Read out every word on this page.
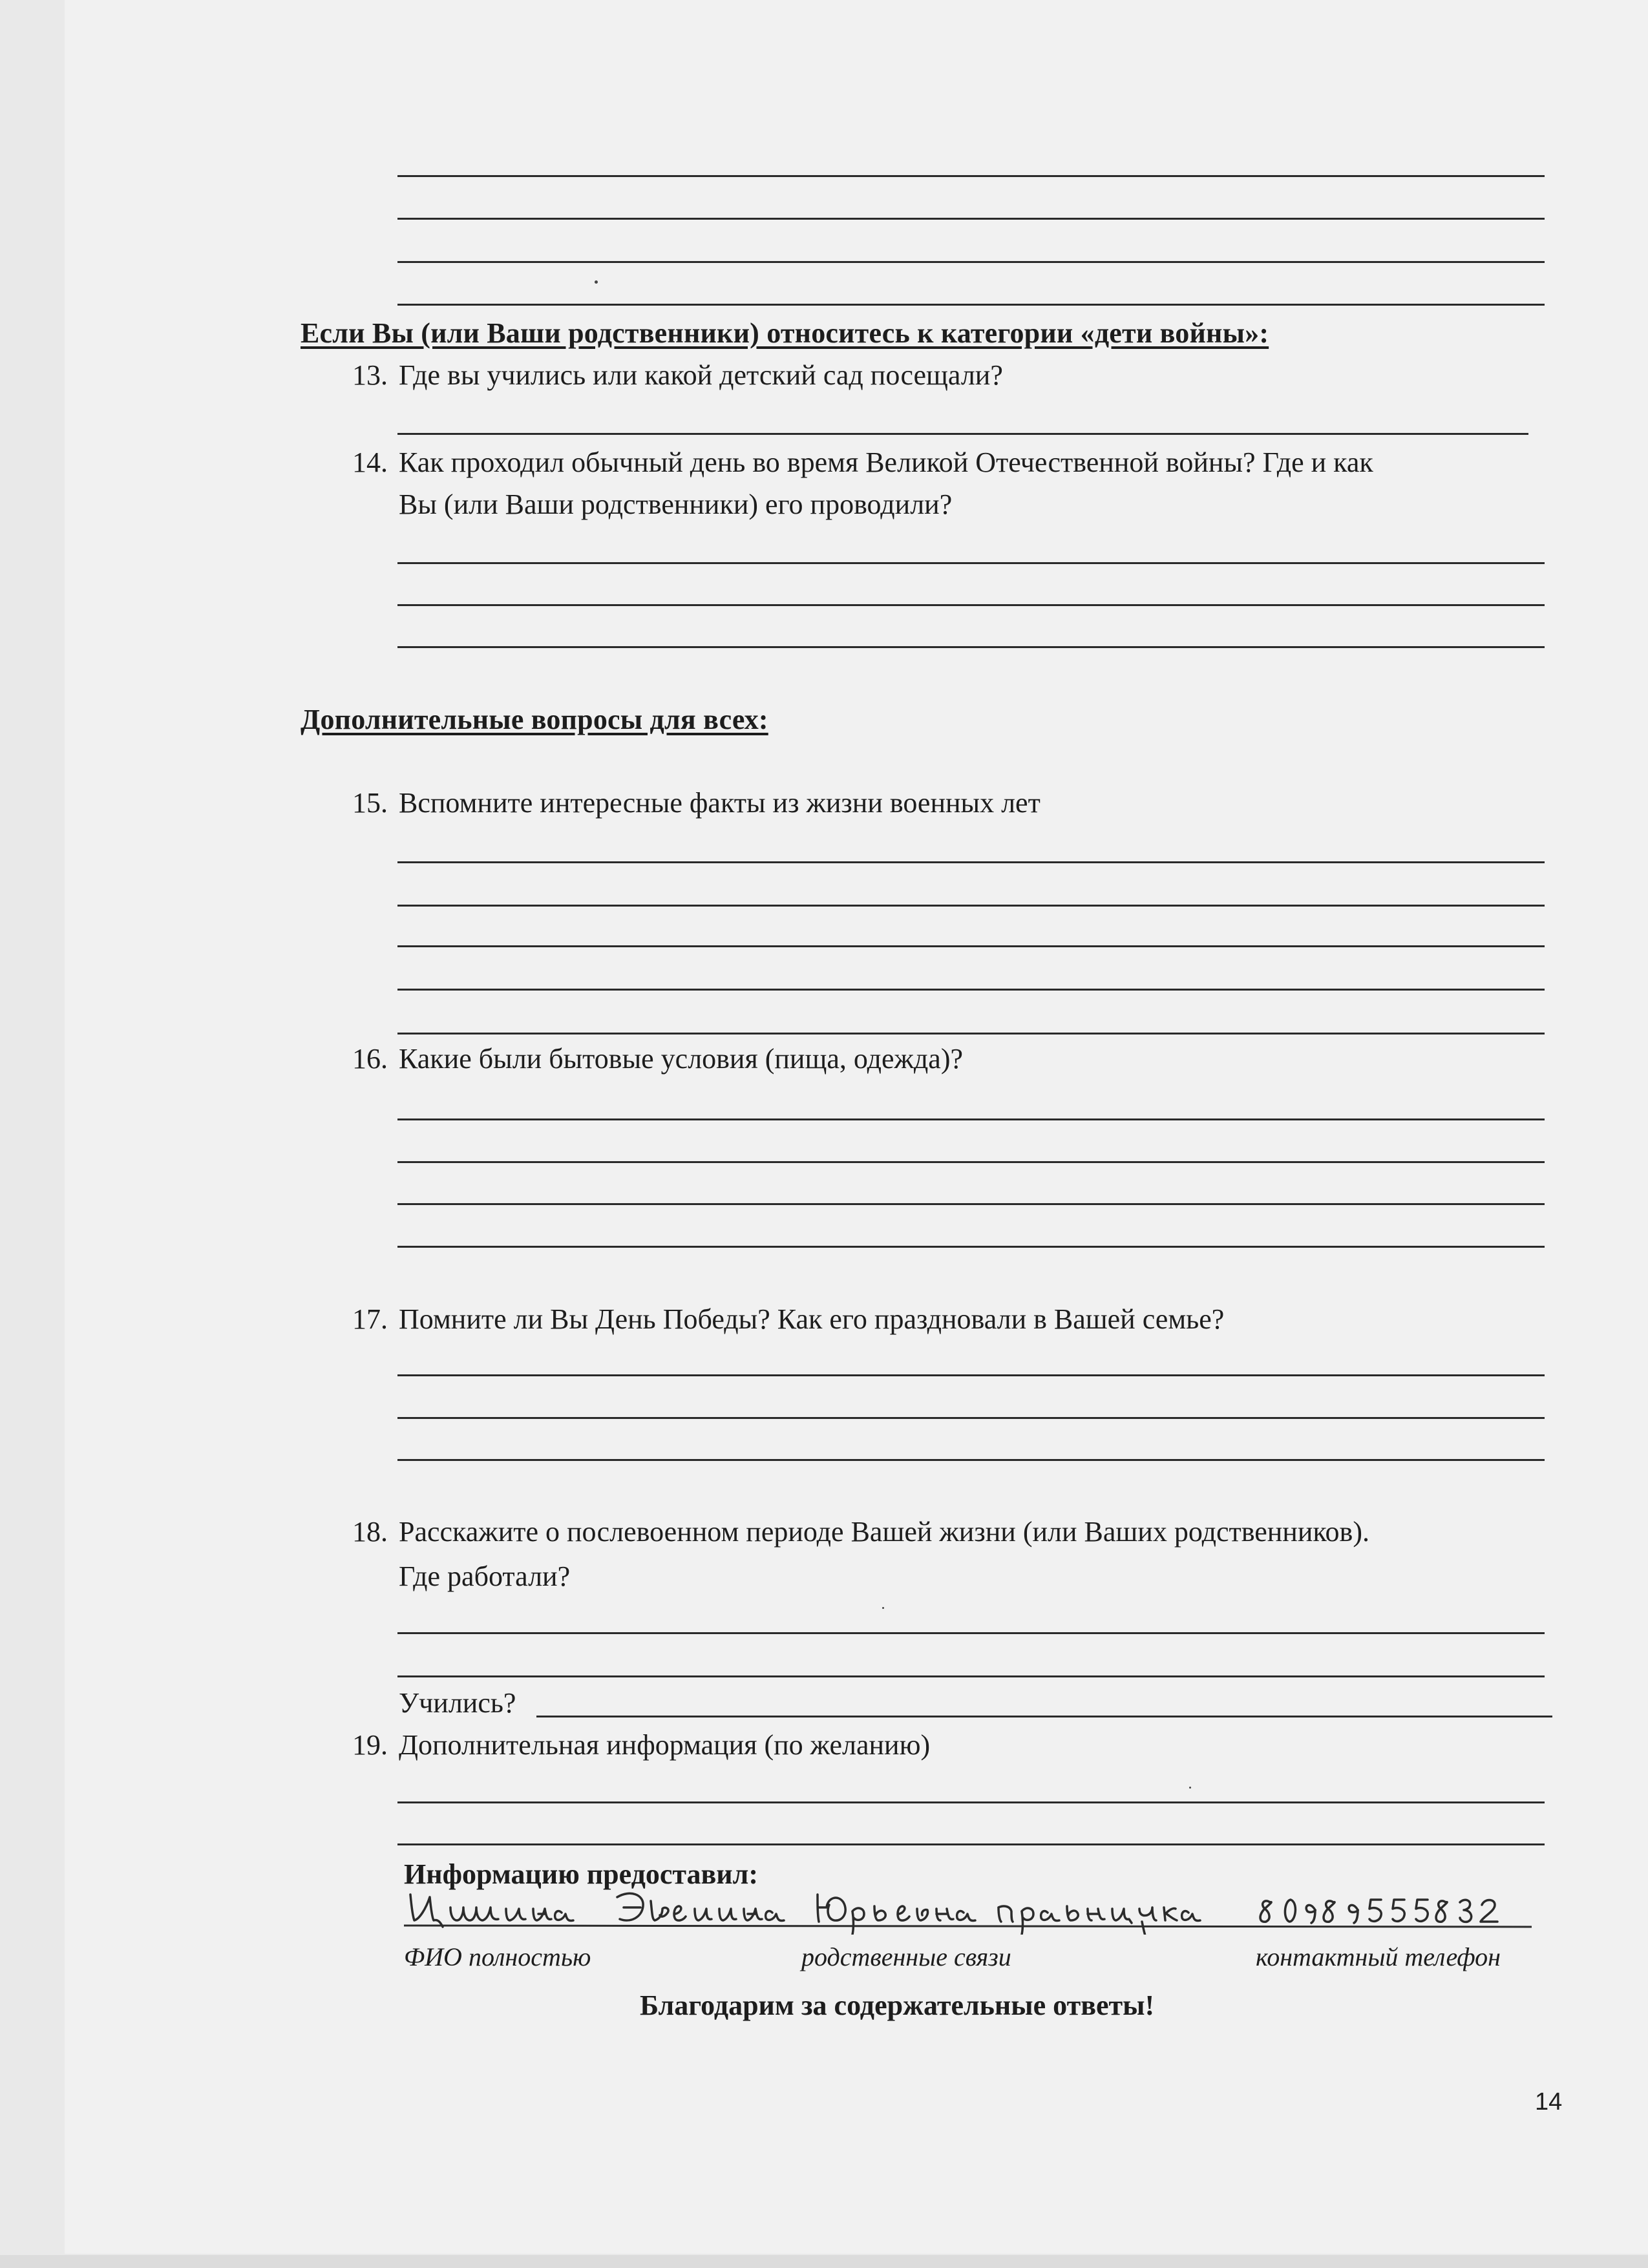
Если Вы (или Ваши родственники) относитесь к категории «дети войны»:
13. Где вы учились или какой детский сад посещали?
14. Как проходил обычный день во время Великой Отечественной войны? Где и как
Вы (или Ваши родственники) его проводили?
Дополнительные вопросы для всех:
15. Вспомните интересные факты из жизни военных лет
16. Какие были бытовые условия (пища, одежда)?
17. Помните ли Вы День Победы? Как его праздновали в Вашей семье?
18. Расскажите о послевоенном периоде Вашей жизни (или Ваших родственников).
Где работали?
Учились?
19. Дополнительная информация (по желанию)
Информацию предоставил:
ФИО полностью	родственные связи	контактный телефон
Благодарим за содержательные ответы!
14
